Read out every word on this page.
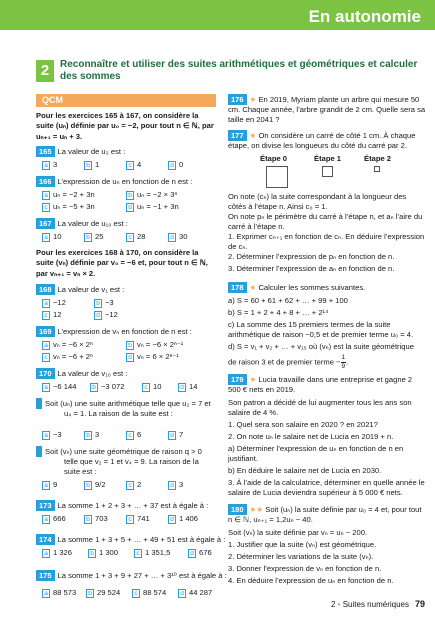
En autonomie
2	Reconnaître et utiliser des suites arithmétiques et géométriques et calculer des sommes
QCM
Pour les exercices 165 à 167, on considère la suite (uₙ) définie par u₀ = −2, pour tout n ∈ ℕ, par uₙ₊₁ = uₙ + 3.
165 La valeur de u₃ est :
a 3	b 1	c 4	d 0
166 L’expression de uₙ en fonction de n est :
a uₙ = −2 + 3n	b uₙ = −2 × 3ⁿ
c uₙ = −5 + 3n	d uₙ = −1 + 3n
167 La valeur de u₁₀ est :
a 10	b 25	c 28	d 30
Pour les exercices 168 à 170, on considère la suite (vₙ) définie par v₀ = −6 et, pour tout n ∈ ℕ, par vₙ₊₁ = vₙ × 2.
168 La valeur de v₁ est :
a −12	b −3
c 12	d −12
169 L’expression de vₙ en fonction de n est :
a vₙ = −6 × 2ⁿ	b vₙ = −6 × 2ⁿ⁻¹
c vₙ = −6 + 2ⁿ	d vₙ = 6 × 2ⁿ⁻¹
170 La valeur de v₁₀ est :
a −6 144	b −3 072	c 10	d 14
171	Soit (uₙ) une suite arithmétique telle que u₂ = 7 et u₄ = 1. La raison de la suite est :
a −3	b 3	c 6	d 7
172	Soit (vₙ) une suite géométrique de raison q > 0 telle que v₂ = 1 et v₄ = 9. La raison de la suite est :
a 9	b 9/2	c 2	d 3
173 La somme 1 + 2 + 3 + … + 37 est à égale à :
a 666	b 703	c 741	d 1 406
174 La somme 1 + 3 + 5 + … + 49 + 51 est à égale à :
a 1 326	b 1 300	c 1 351,5	d 676
175 La somme 1 + 3 + 9 + 27 + … + 3¹⁰ est à égale à :
a 88 573	b 29 524	c 88 574	d 44 287
176 ★ En 2019, Myriam plante un arbre qui mesure 50 cm. Chaque année, l’arbre grandit de 2 cm. Quelle sera sa taille en 2041 ?
177 ★ On considère un carré de côté 1 cm. À chaque étape, on divise les longueurs du côté du carré par 2.
Étape 0	Étape 1	Étape 2
On note (cₙ) la suite correspondant à la longueur des côtés à l’étape n. Ainsi c₀ = 1.
On note pₙ le périmètre du carré à l’étape n, et aₙ l’aire du carré à l’étape n.
1. Exprimer cₙ₊₁ en fonction de cₙ. En déduire l’expression de cₙ.
2. Déterminer l’expression de pₙ en fonction de n.
3. Déterminer l’expression de aₙ en fonction de n.
178 ★ Calculer les sommes suivantes.
a) S = 60 + 61 + 62 + … + 99 + 100
b) S = 1 + 2 + 4 + 8 + … + 2¹⁴
c) La somme des 15 premiers termes de la suite arithmétique de raison −0,5 et de premier terme u₀ = 4.
d) S = v₁ + v₂ + … + v₁₅ où (vₙ) est la suite géométrique
de raison 3 et de premier terme −1
9.
179 ★ Lucia travaille dans une entreprise et gagne 2 500 € nets en 2019.
Son patron a décidé de lui augmenter tous les ans son salaire de 4 %.
1. Quel sera son salaire en 2020 ? en 2021?
2. On note uₙ le salaire net de Lucia en 2019 + n.
a) Déterminer l’expression de uₙ en fonction de n en justifiant.
b) En déduire le salaire net de Lucia en 2030.
3. À l’aide de la calculatrice, déterminer en quelle année le salaire de Lucia deviendra supérieur à 5 000 € nets.
180 ★★ Soit (uₙ) la suite définie par u₀ = 4 et, pour tout n ∈ ℕ, uₙ₊₁ = 1,2uₙ − 40.
Soit (vₙ) la suite définie par vₙ = uₙ − 200.
1. Justifier que la suite (vₙ) est géométrique.
2. Déterminer les variations de la suite (vₙ).
3. Donner l’expression de vₙ en fonction de n.
4. En déduire l’expression de uₙ en fonction de n.
2 • Suites numériques 79
